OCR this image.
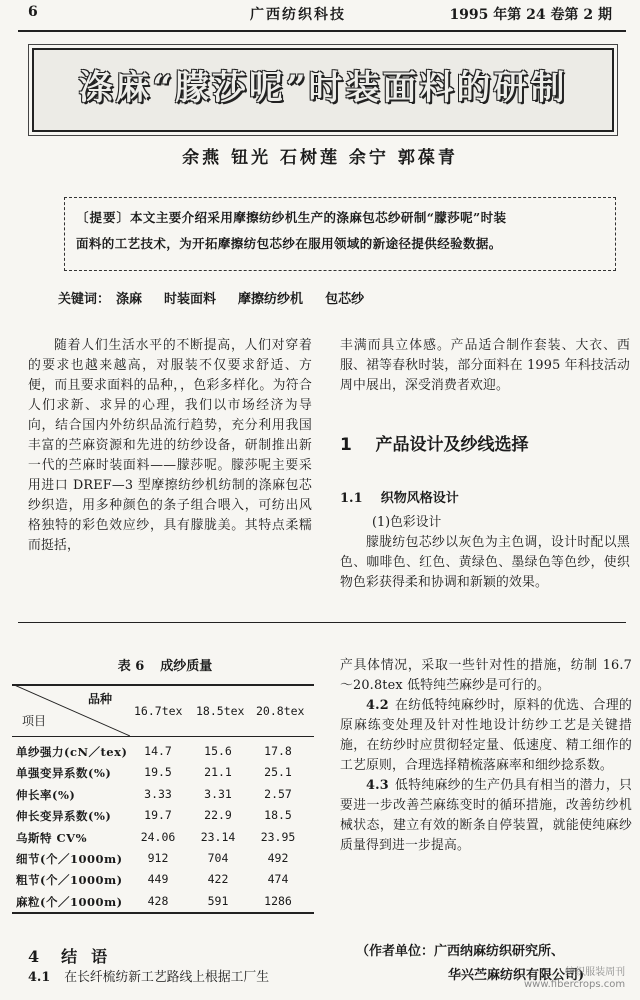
6	广西纺织科技	1995 年第 24 卷第 2 期
涤麻“朦莎呢”时装面料的研制
余燕 钮光 石树莲 余宁 郭葆青
〔提要〕本文主要介绍采用摩擦纺纱机生产的涤麻包芯纱研制“朦莎呢”时装
面料的工艺技术，为开拓摩擦纺包芯纱在服用领域的新途径提供经验数据。
关键词： 涤麻 时装面料 摩擦纺纱机 包芯纱

随着人们生活水平的不断提高，人们对穿着的要求也越来越高，对服装不仅要求舒适、方便，而且要求面料的品种，，色彩多样化。为符合人们求新、求异的心理，我们以市场经济为导向，结合国内外纺织品流行趋势，充分利用我国丰富的苎麻资源和先进的纺纱设备，研制推出新一代的苎麻时装面料——朦莎呢。朦莎呢主要采用进口 DREF—3 型摩擦纺纱机纺制的涤麻包芯纱织造，用多种颜色的条子组合喂入，可纺出风格独特的彩色效应纱，具有朦胧美。其特点柔糯而挺括，

丰满而具立体感。产品适合制作套装、大衣、西服、裙等春秋时装，部分面料在 1995 年科技活动周中展出，深受消费者欢迎。

1    产品设计及纱线选择
1.1    织物风格设计
(1)色彩设计

朦胧纺包芯纱以灰色为主色调，设计时配以黑色、咖啡色、红色、黄绿色、墨绿色等色纱，使织物色彩获得柔和协调和新颖的效果。

表 6 成纱质量
品种
项目
16.7tex 18.5tex 20.8tex
单纱强力(cN／tex)	14.7	15.6	17.8
单强变异系数(%)	19.5	21.1	25.1
伸长率(%)	3.33	3.31	2.57
伸长变异系数(%)	19.7	22.9	18.5
乌斯特 CV%	24.06	23.14	23.95
细节(个／1000m)	912	704	492
粗节(个／1000m)	449	422	474
麻粒(个／1000m)	428	591	1286
4 结语
4.1 在长纤梳纺新工艺路线上根据工厂生

产具体情况，采取一些针对性的措施，纺制 16.7～20.8tex 低特纯苎麻纱是可行的。

4.2 在纺低特纯麻纱时，原料的优选、合理的原麻练变处理及针对性地设计纺纱工艺是关键措施，在纺纱时应贯彻轻定量、低速度、精工细作的工艺原则，合理选择精梳落麻率和细纱捻系数。

4.3 低特纯麻纱的生产仍具有相当的潜力，只要进一步改善苎麻练变时的循环措施，改善纺纱机械状态，建立有效的断条自停装置，就能使纯麻纱质量得到进一步提高。

（作者单位：广西纳麻纺织研究所、
华兴苎麻纺织有限公司)
纺织服装周刊
www.fibercrops.com
